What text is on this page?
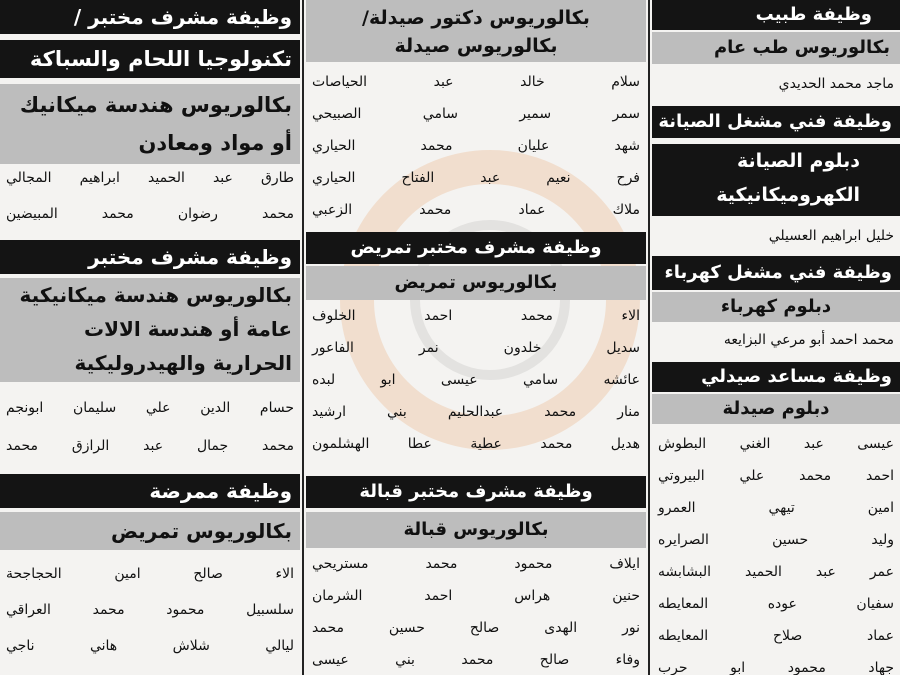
وظيفة مشرف مختبر /
تكنولوجيا اللحام والسباكة
بكالوريوس هندسة ميكانيك
أو مواد ومعادن
طارق عبد الحميد ابراهيم المجالي
محمد رضوان محمد المبيضين
وظيفة مشرف مختبر
بكالوريوس هندسة ميكانيكية
عامة أو هندسة الالات
الحرارية والهيدروليكية
حسام الدين علي سليمان ابونجم
محمد جمال عبد الرازق محمد
وظيفة ممرضة
بكالوريوس تمريض
الاء صالح امين الحجاجحة
سلسبيل محمود محمد العراقي
ليالي شلاش هاني ناجي
بكالوريوس دكتور صيدلة/
بكالوريوس صيدلة
سلام خالد عبد الحياصات
سمر سمير سامي الصبيحي
شهد عليان محمد الحياري
فرح نعيم عبد الفتاح الحياري
ملاك عماد محمد الزعبي
وظيفة مشرف مختبر تمريض
بكالوريوس تمريض
الاء محمد احمد الخلوف
سديل خلدون نمر الفاعور
عائشه سامي عيسى ابو لبده
منار محمد عبدالحليم بني ارشيد
هديل محمد عطية عطا الهشلمون
وظيفة مشرف مختبر قبالة
بكالوريوس قبالة
ايلاف محمود محمد مستريحي
حنين هراس احمد الشرمان
نور الهدى صالح حسين محمد
وفاء صالح محمد بني عيسى
وظيفة طبيب
بكالوريوس طب عام
ماجد محمد الحديدي
وظيفة فني مشغل الصيانة
دبلوم الصيانة
الكهروميكانيكية
خليل ابراهيم العسيلي
وظيفة فني مشغل كهرباء
دبلوم كهرباء
محمد احمد أبو مرعي البزايعه
وظيفة مساعد صيدلي
دبلوم صيدلة
عيسى عبد الغني البطوش
احمد محمد علي البيروتي
امين تيهي العمرو
وليد حسين الصرايره
عمر عبد الحميد البشابشه
سفيان عوده المعايطه
عماد صلاح المعايطه
جهاد محمود ابو حرب
